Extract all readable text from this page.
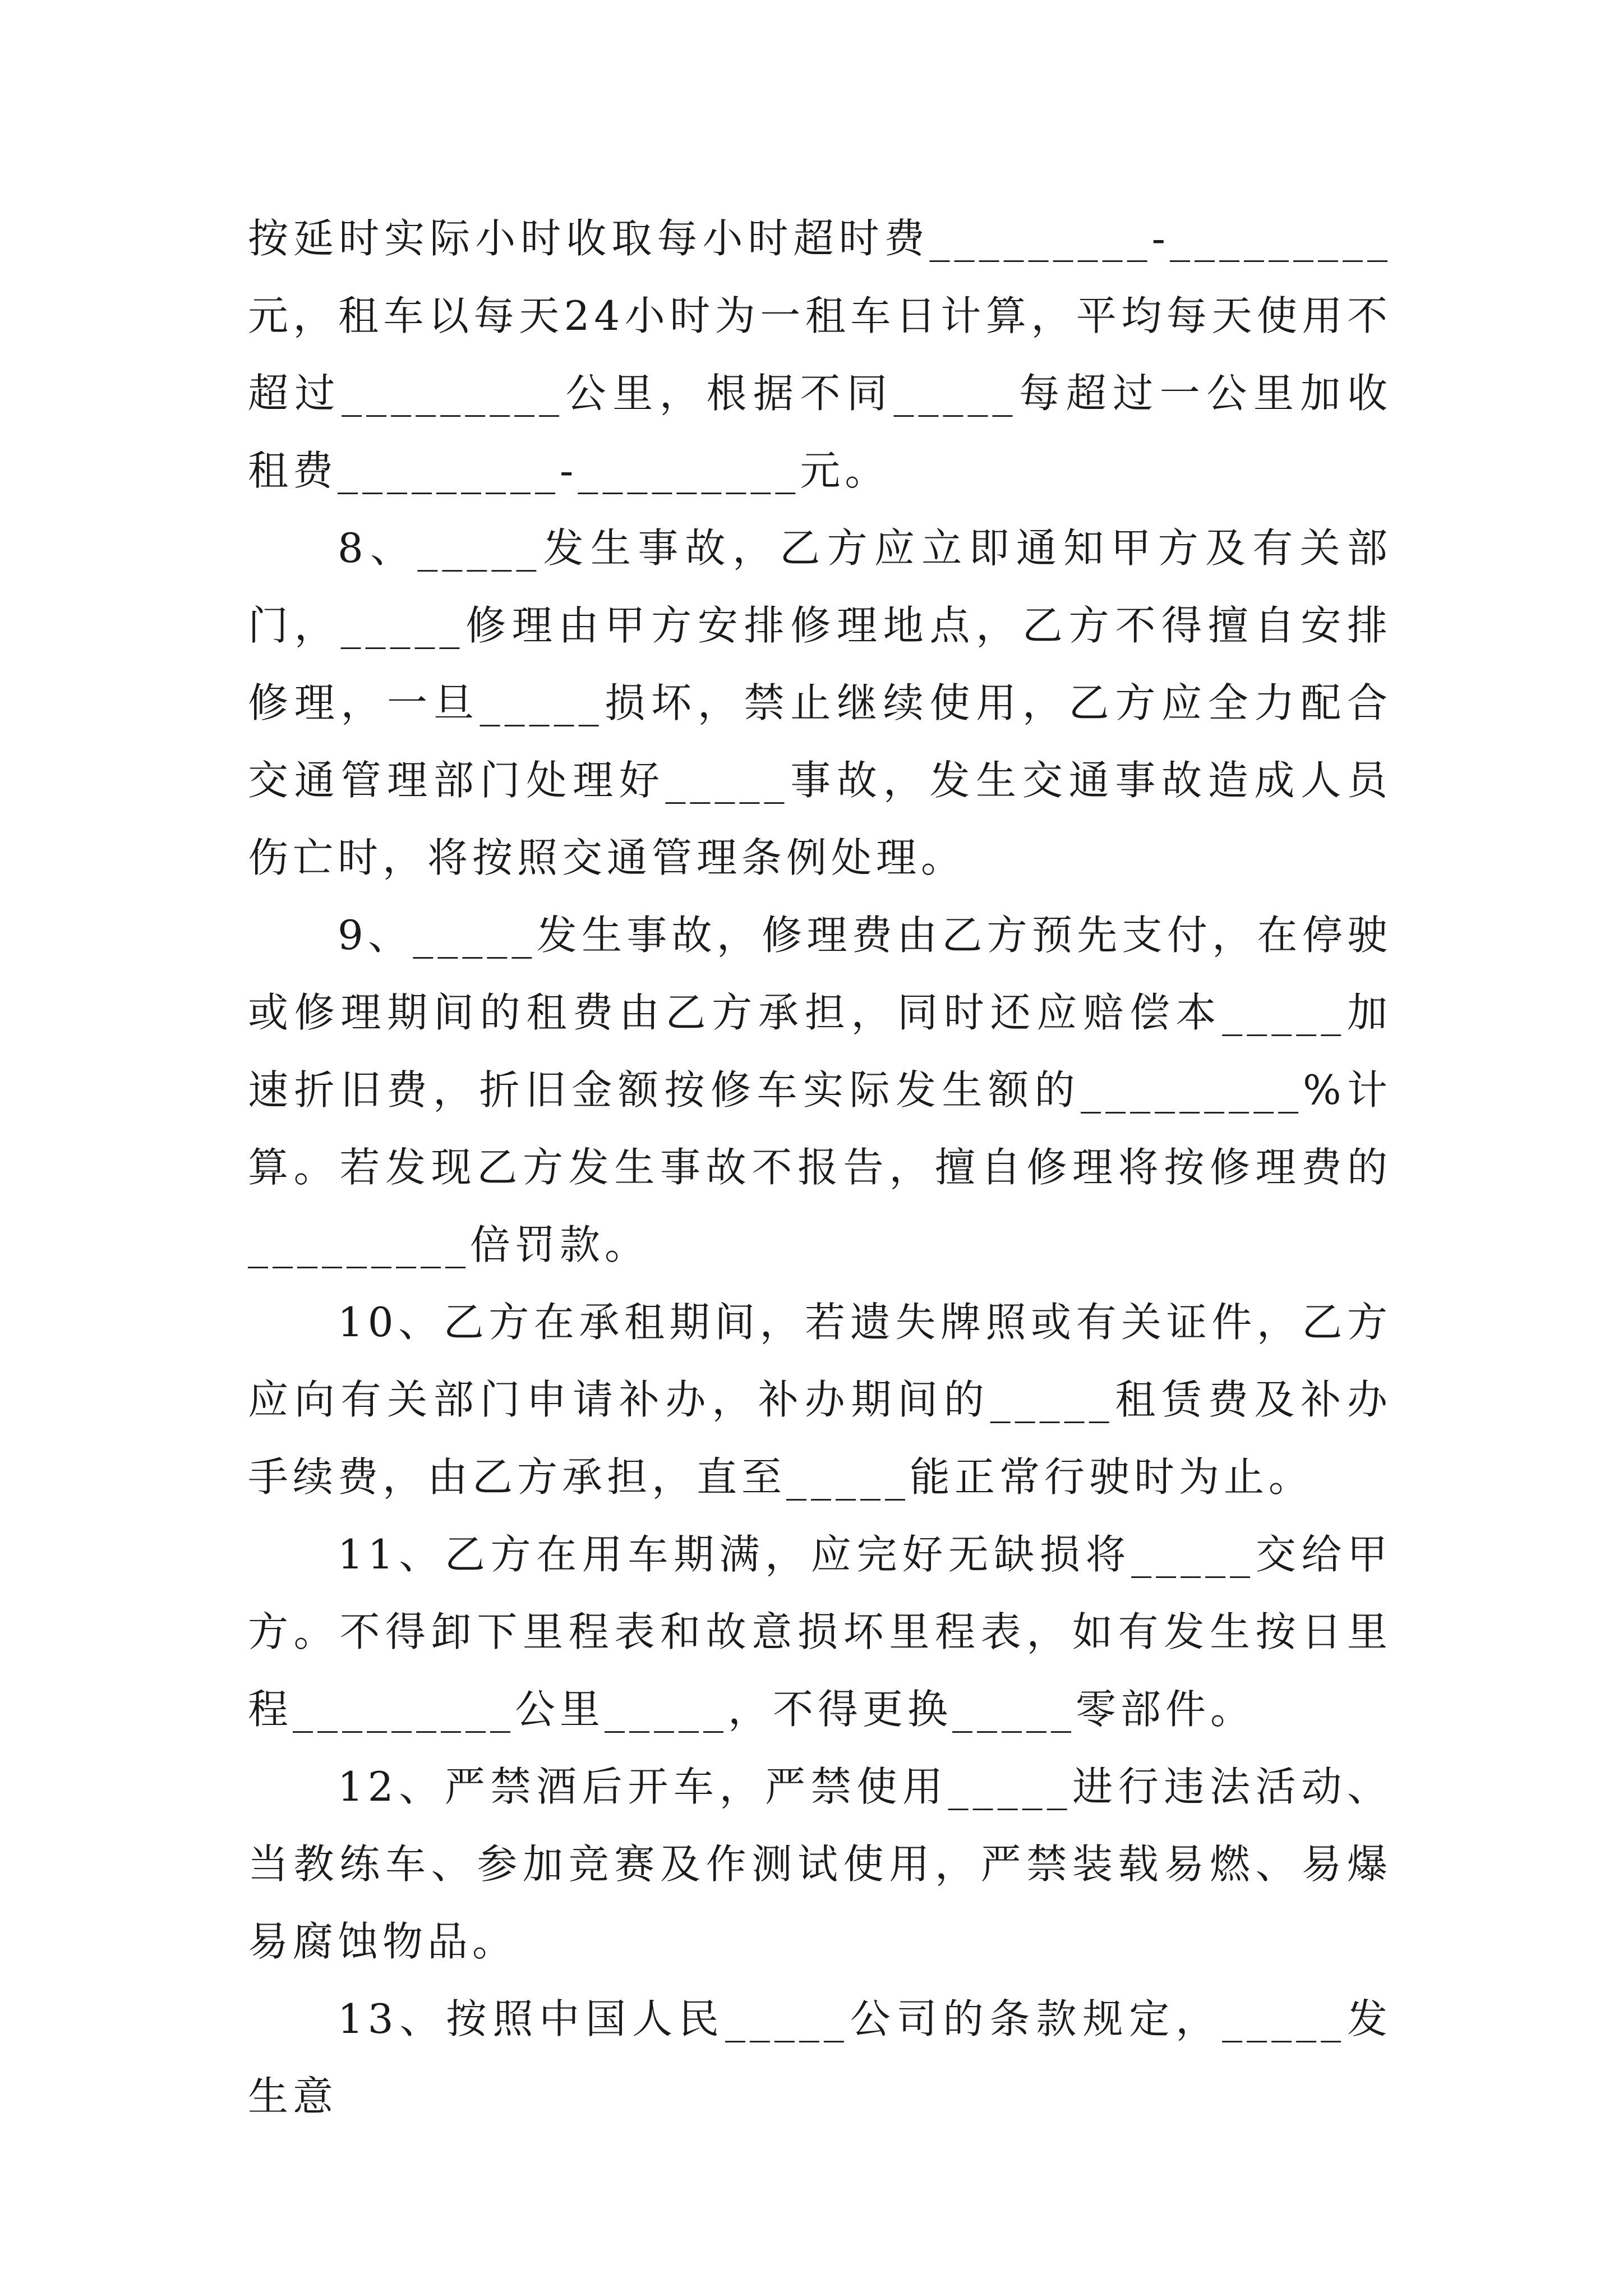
按延时实际小时收取每小时超时费_________-_________元，租车以每天24小时为一租车日计算，平均每天使用不超过_________公里，根据不同_____每超过一公里加收租费_________-_________元。

8、_____发生事故，乙方应立即通知甲方及有关部门，_____修理由甲方安排修理地点，乙方不得擅自安排修理，一旦_____损坏，禁止继续使用，乙方应全力配合交通管理部门处理好_____事故，发生交通事故造成人员伤亡时，将按照交通管理条例处理。

9、_____发生事故，修理费由乙方预先支付，在停驶或修理期间的租费由乙方承担，同时还应赔偿本_____加速折旧费，折旧金额按修车实际发生额的_________%计算。若发现乙方发生事故不报告，擅自修理将按修理费的_________倍罚款。

10、乙方在承租期间，若遗失牌照或有关证件，乙方应向有关部门申请补办，补办期间的_____租赁费及补办手续费，由乙方承担，直至_____能正常行驶时为止。

11、乙方在用车期满，应完好无缺损将_____交给甲方。不得卸下里程表和故意损坏里程表，如有发生按日里程_________公里_____，不得更换_____零部件。

12、严禁酒后开车，严禁使用_____进行违法活动、当教练车、参加竞赛及作测试使用，严禁装载易燃、易爆易腐蚀物品。

13、按照中国人民_____公司的条款规定，_____发生意
